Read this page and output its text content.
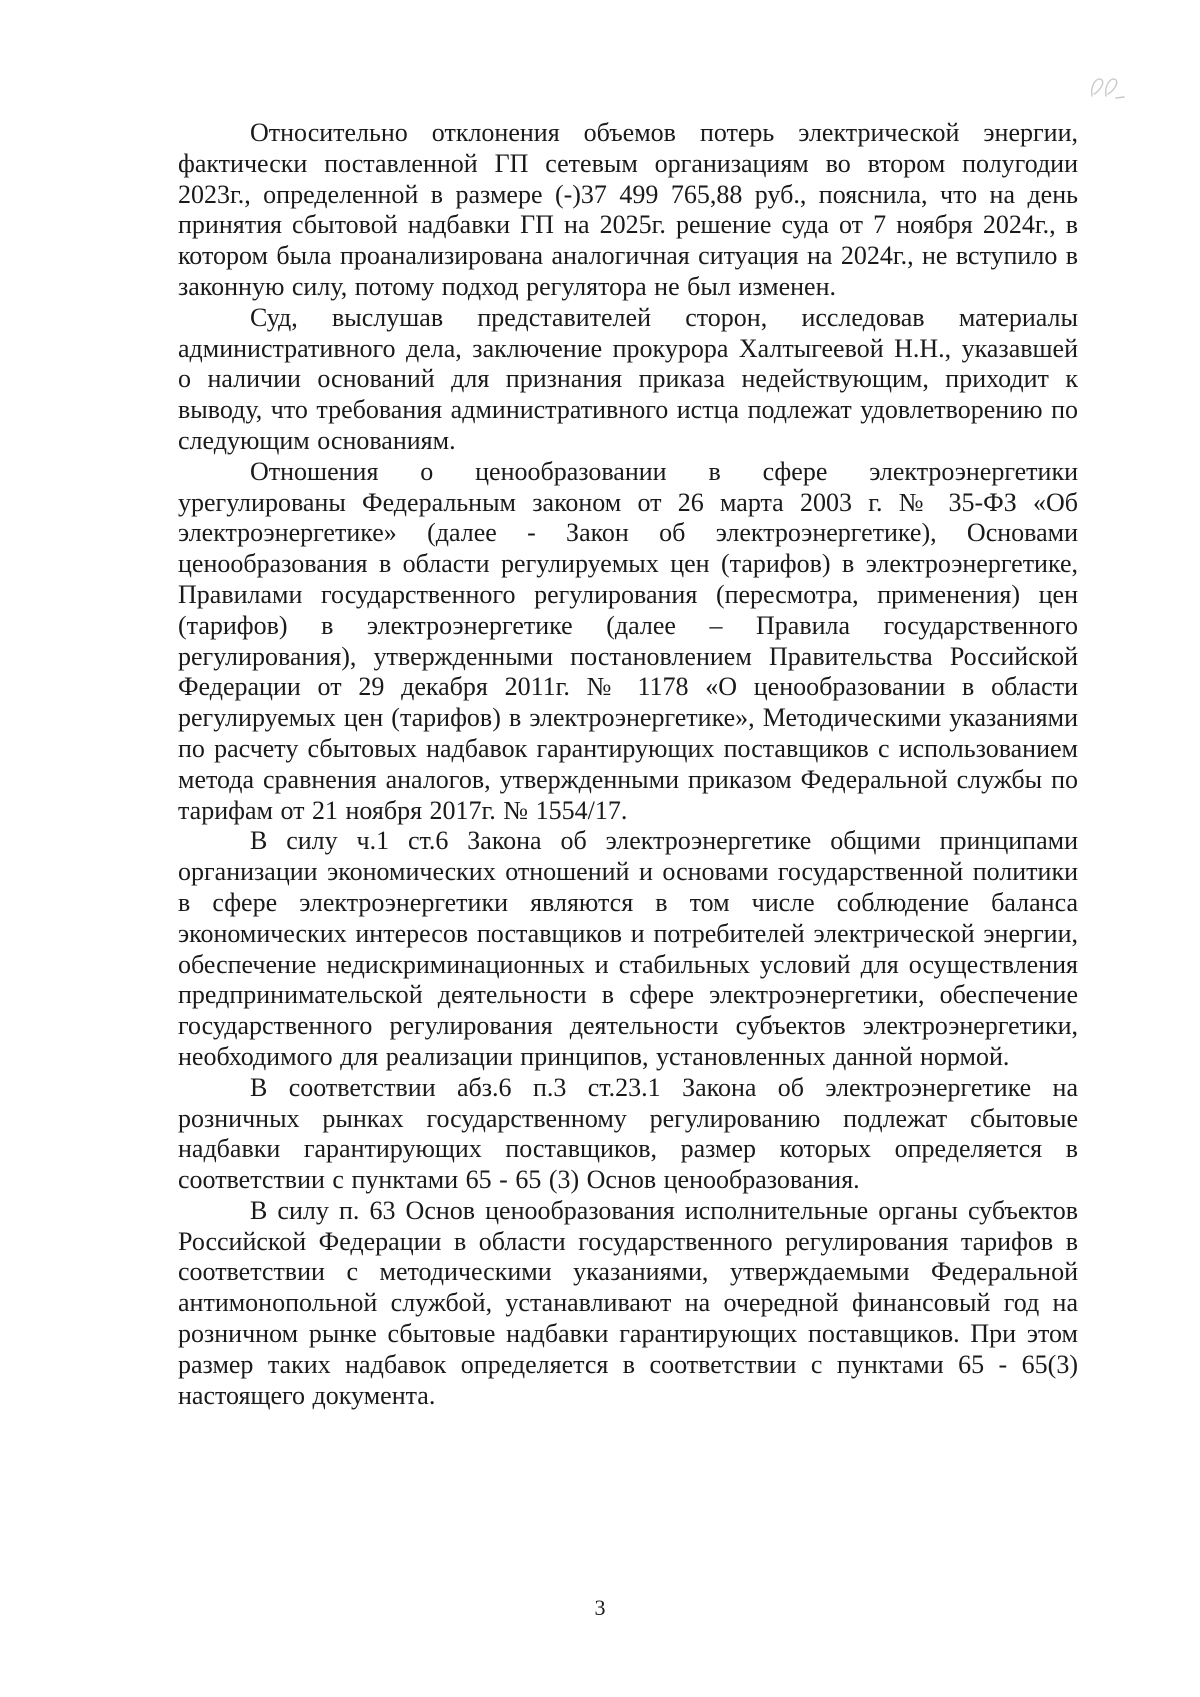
Относительно отклонения объемов потерь электрической энергии, фактически поставленной ГП сетевым организациям во втором полугодии 2023г., определенной в размере (-)37 499 765,88 руб., пояснила, что на день принятия сбытовой надбавки ГП на 2025г. решение суда от 7 ноября 2024г., в котором была проанализирована аналогичная ситуация на 2024г., не вступило в законную силу, потому подход регулятора не был изменен.

Суд, выслушав представителей сторон, исследовав материалы административного дела, заключение прокурора Халтыгеевой Н.Н., указавшей о наличии оснований для признания приказа недействующим, приходит к выводу, что требования административного истца подлежат удовлетворению по следующим основаниям.

Отношения о ценообразовании в сфере электроэнергетики урегулированы Федеральным законом от 26 марта 2003 г. № 35-ФЗ «Об электроэнергетике» (далее - Закон об электроэнергетике), Основами ценообразования в области регулируемых цен (тарифов) в электроэнергетике, Правилами государственного регулирования (пересмотра, применения) цен (тарифов) в электроэнергетике (далее – Правила государственного регулирования), утвержденными постановлением Правительства Российской Федерации от 29 декабря 2011г. № 1178 «О ценообразовании в области регулируемых цен (тарифов) в электроэнергетике», Методическими указаниями по расчету сбытовых надбавок гарантирующих поставщиков с использованием метода сравнения аналогов, утвержденными приказом Федеральной службы по тарифам от 21 ноября 2017г. № 1554/17.

В силу ч.1 ст.6 Закона об электроэнергетике общими принципами организации экономических отношений и основами государственной политики в сфере электроэнергетики являются в том числе соблюдение баланса экономических интересов поставщиков и потребителей электрической энергии, обеспечение недискриминационных и стабильных условий для осуществления предпринимательской деятельности в сфере электроэнергетики, обеспечение государственного регулирования деятельности субъектов электроэнергетики, необходимого для реализации принципов, установленных данной нормой.

В соответствии абз.6 п.3 ст.23.1 Закона об электроэнергетике на розничных рынках государственному регулированию подлежат сбытовые надбавки гарантирующих поставщиков, размер которых определяется в соответствии с пунктами 65 - 65 (3) Основ ценообразования.

В силу п. 63 Основ ценообразования исполнительные органы субъектов Российской Федерации в области государственного регулирования тарифов в соответствии с методическими указаниями, утверждаемыми Федеральной антимонопольной службой, устанавливают на очередной финансовый год на розничном рынке сбытовые надбавки гарантирующих поставщиков. При этом размер таких надбавок определяется в соответствии с пунктами 65 - 65(3) настоящего документа.

3
